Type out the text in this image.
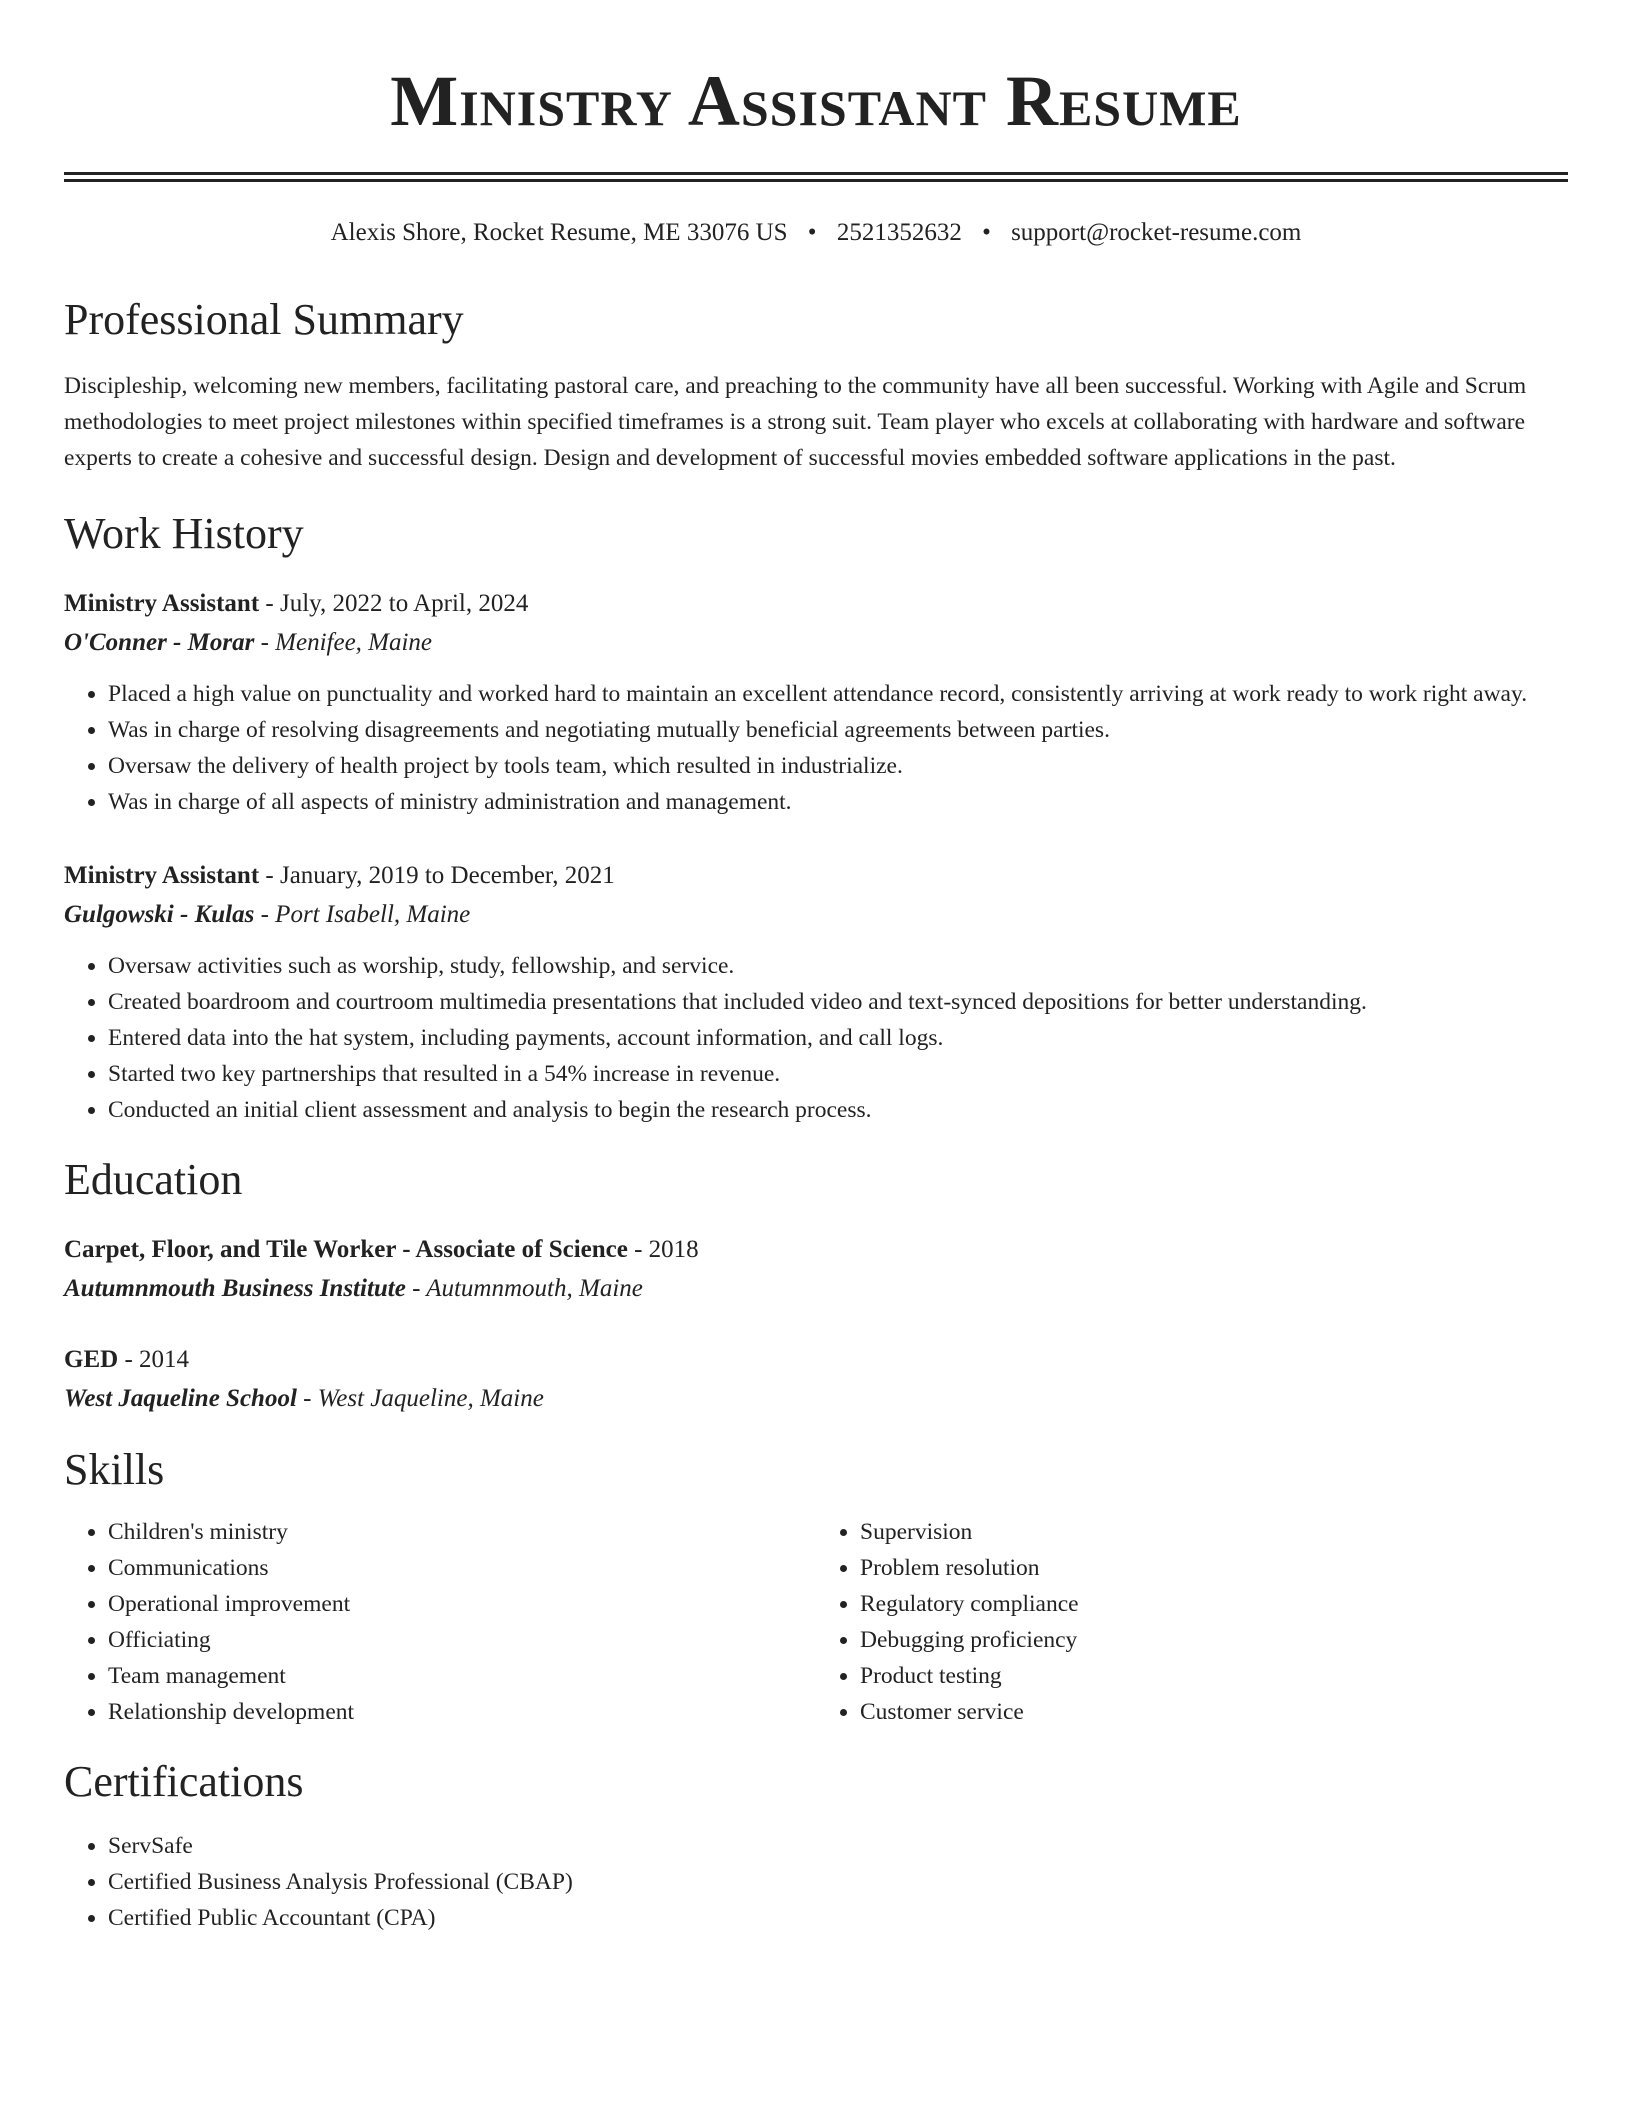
Ministry Assistant Resume
Alexis Shore, Rocket Resume, ME 33076 US • 2521352632 • support@rocket-resume.com
Professional Summary
Discipleship, welcoming new members, facilitating pastoral care, and preaching to the community have all been successful. Working with Agile and Scrum methodologies to meet project milestones within specified timeframes is a strong suit. Team player who excels at collaborating with hardware and software experts to create a cohesive and successful design. Design and development of successful movies embedded software applications in the past.
Work History
Ministry Assistant - July, 2022 to April, 2024
O'Conner - Morar - Menifee, Maine
• Placed a high value on punctuality and worked hard to maintain an excellent attendance record, consistently arriving at work ready to work right away.
• Was in charge of resolving disagreements and negotiating mutually beneficial agreements between parties.
• Oversaw the delivery of health project by tools team, which resulted in industrialize.
• Was in charge of all aspects of ministry administration and management.
Ministry Assistant - January, 2019 to December, 2021
Gulgowski - Kulas - Port Isabell, Maine
• Oversaw activities such as worship, study, fellowship, and service.
• Created boardroom and courtroom multimedia presentations that included video and text-synced depositions for better understanding.
• Entered data into the hat system, including payments, account information, and call logs.
• Started two key partnerships that resulted in a 54% increase in revenue.
• Conducted an initial client assessment and analysis to begin the research process.
Education
Carpet, Floor, and Tile Worker - Associate of Science - 2018
Autumnmouth Business Institute - Autumnmouth, Maine
GED - 2014
West Jaqueline School - West Jaqueline, Maine
Skills
• Children's ministry
• Communications
• Operational improvement
• Officiating
• Team management
• Relationship development
• Supervision
• Problem resolution
• Regulatory compliance
• Debugging proficiency
• Product testing
• Customer service
Certifications
• ServSafe
• Certified Business Analysis Professional (CBAP)
• Certified Public Accountant (CPA)
